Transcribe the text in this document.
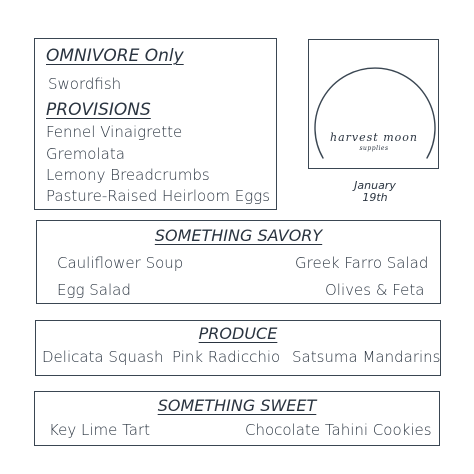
OMNIVORE Only
Swordfish
PROVISIONS
Fennel Vinaigrette
Gremolata
Lemony Breadcrumbs
Pasture-Raised Heirloom Eggs
harvest moon
supplies
January
19th
SOMETHING SAVORY
Cauliflower Soup	Greek Farro Salad
Egg Salad	Olives & Feta
PRODUCE
Delicata Squash Pink Radicchio Satsuma Mandarins
SOMETHING SWEET
Key Lime Tart	Chocolate Tahini Cookies
